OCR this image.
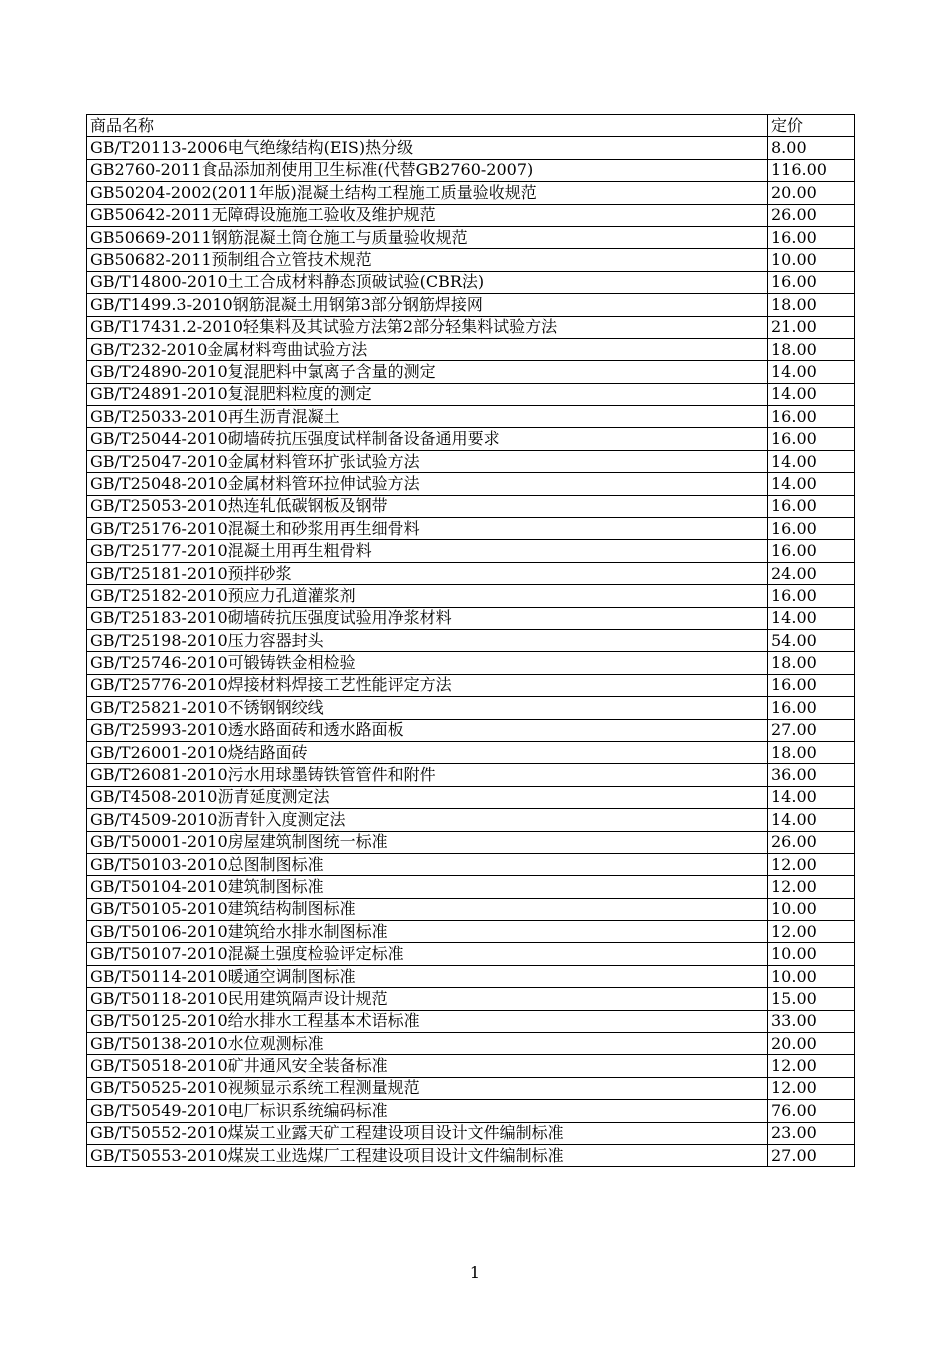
商品名称	定价
GB/T20113-2006电气绝缘结构(EIS)热分级	8.00
GB2760-2011食品添加剂使用卫生标准(代替GB2760-2007)	116.00
GB50204-2002(2011年版)混凝土结构工程施工质量验收规范	20.00
GB50642-2011无障碍设施施工验收及维护规范	26.00
GB50669-2011钢筋混凝土筒仓施工与质量验收规范	16.00
GB50682-2011预制组合立管技术规范	10.00
GB/T14800-2010土工合成材料静态顶破试验(CBR法)	16.00
GB/T1499.3-2010钢筋混凝土用钢第3部分钢筋焊接网	18.00
GB/T17431.2-2010轻集料及其试验方法第2部分轻集料试验方法	21.00
GB/T232-2010金属材料弯曲试验方法	18.00
GB/T24890-2010复混肥料中氯离子含量的测定	14.00
GB/T24891-2010复混肥料粒度的测定	14.00
GB/T25033-2010再生沥青混凝土	16.00
GB/T25044-2010砌墙砖抗压强度试样制备设备通用要求	16.00
GB/T25047-2010金属材料管环扩张试验方法	14.00
GB/T25048-2010金属材料管环拉伸试验方法	14.00
GB/T25053-2010热连轧低碳钢板及钢带	16.00
GB/T25176-2010混凝土和砂浆用再生细骨料	16.00
GB/T25177-2010混凝土用再生粗骨料	16.00
GB/T25181-2010预拌砂浆	24.00
GB/T25182-2010预应力孔道灌浆剂	16.00
GB/T25183-2010砌墙砖抗压强度试验用净浆材料	14.00
GB/T25198-2010压力容器封头	54.00
GB/T25746-2010可锻铸铁金相检验	18.00
GB/T25776-2010焊接材料焊接工艺性能评定方法	16.00
GB/T25821-2010不锈钢钢绞线	16.00
GB/T25993-2010透水路面砖和透水路面板	27.00
GB/T26001-2010烧结路面砖	18.00
GB/T26081-2010污水用球墨铸铁管管件和附件	36.00
GB/T4508-2010沥青延度测定法	14.00
GB/T4509-2010沥青针入度测定法	14.00
GB/T50001-2010房屋建筑制图统一标准	26.00
GB/T50103-2010总图制图标准	12.00
GB/T50104-2010建筑制图标准	12.00
GB/T50105-2010建筑结构制图标准	10.00
GB/T50106-2010建筑给水排水制图标准	12.00
GB/T50107-2010混凝土强度检验评定标准	10.00
GB/T50114-2010暖通空调制图标准	10.00
GB/T50118-2010民用建筑隔声设计规范	15.00
GB/T50125-2010给水排水工程基本术语标准	33.00
GB/T50138-2010水位观测标准	20.00
GB/T50518-2010矿井通风安全装备标准	12.00
GB/T50525-2010视频显示系统工程测量规范	12.00
GB/T50549-2010电厂标识系统编码标准	76.00
GB/T50552-2010煤炭工业露天矿工程建设项目设计文件编制标准	23.00
GB/T50553-2010煤炭工业选煤厂工程建设项目设计文件编制标准	27.00
1
